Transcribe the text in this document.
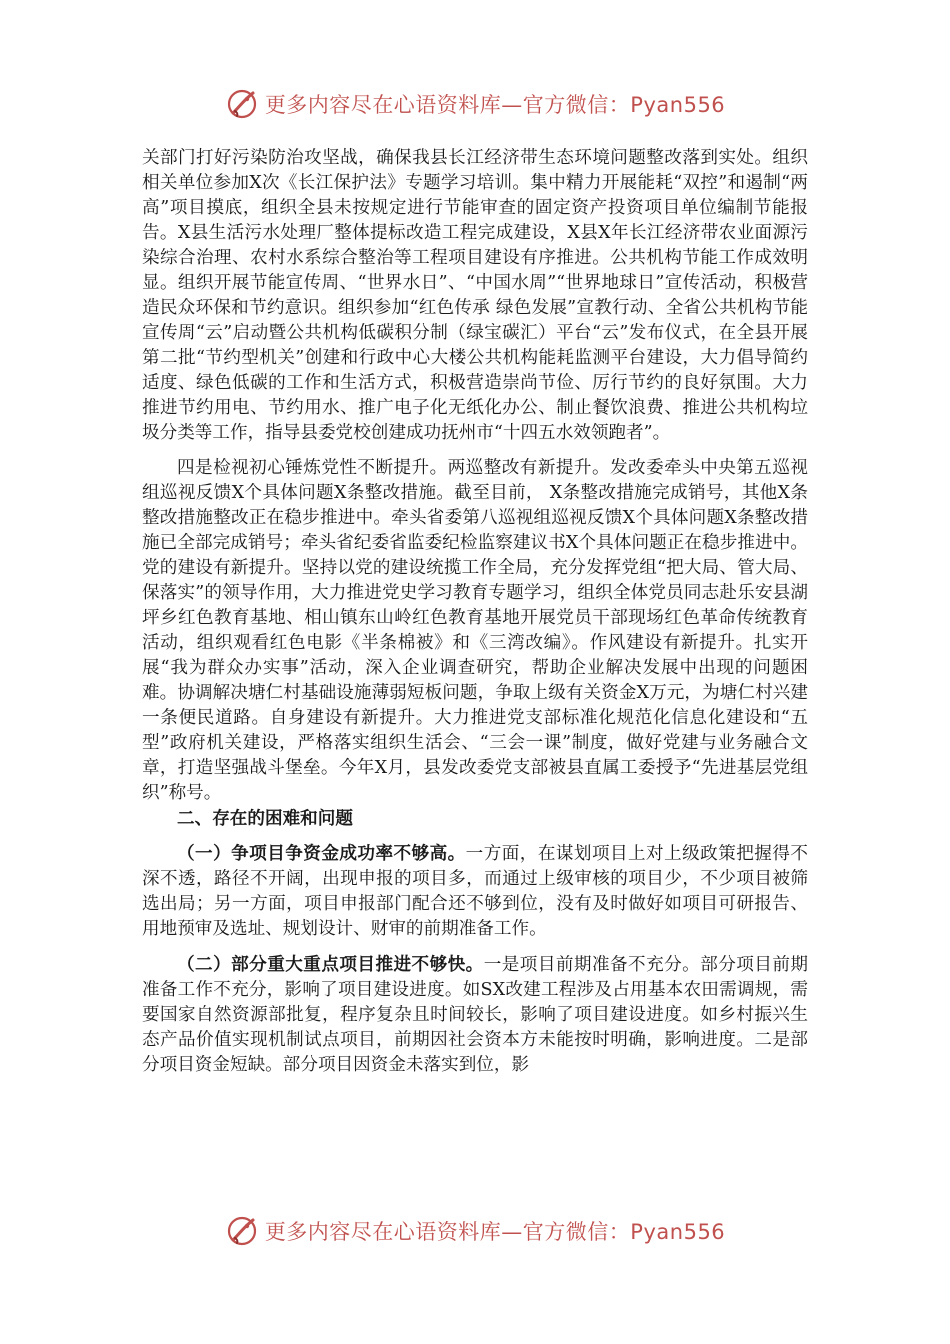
更多内容尽在心语资料库—官方微信：Pyan556

关部门打好污染防治攻坚战，确保我县长江经济带生态环境问题整改落到实处。组织相关单位参加X次《长江保护法》专题学习培训。集中精力开展能耗“双控”和遏制“两高”项目摸底，组织全县未按规定进行节能审查的固定资产投资项目单位编制节能报告。X县生活污水处理厂整体提标改造工程完成建设，X县X年长江经济带农业面源污染综合治理、农村水系综合整治等工程项目建设有序推进。公共机构节能工作成效明显。组织开展节能宣传周、“世界水日”、“中国水周”“世界地球日”宣传活动，积极营造民众环保和节约意识。组织参加“红色传承 绿色发展”宣教行动、全省公共机构节能宣传周“云”启动暨公共机构低碳积分制（绿宝碳汇）平台“云”发布仪式，在全县开展第二批“节约型机关”创建和行政中心大楼公共机构能耗监测平台建设，大力倡导简约适度、绿色低碳的工作和生活方式，积极营造崇尚节俭、厉行节约的良好氛围。大力推进节约用电、节约用水、推广电子化无纸化办公、制止餐饮浪费、推进公共机构垃圾分类等工作，指导县委党校创建成功抚州市“十四五水效领跑者”。

四是检视初心锤炼党性不断提升。两巡整改有新提升。发改委牵头中央第五巡视组巡视反馈X个具体问题X条整改措施。截至目前， X条整改措施完成销号，其他X条整改措施整改正在稳步推进中。牵头省委第八巡视组巡视反馈X个具体问题X条整改措施已全部完成销号；牵头省纪委省监委纪检监察建议书X个具体问题正在稳步推进中。党的建设有新提升。坚持以党的建设统揽工作全局，充分发挥党组“把大局、管大局、保落实”的领导作用，大力推进党史学习教育专题学习，组织全体党员同志赴乐安县湖坪乡红色教育基地、相山镇东山岭红色教育基地开展党员干部现场红色革命传统教育活动，组织观看红色电影《半条棉被》和《三湾改编》。作风建设有新提升。扎实开展“我为群众办实事”活动，深入企业调查研究，帮助企业解决发展中出现的问题困难。协调解决塘仁村基础设施薄弱短板问题，争取上级有关资金X万元，为塘仁村兴建一条便民道路。自身建设有新提升。大力推进党支部标准化规范化信息化建设和“五型”政府机关建设，严格落实组织生活会、“三会一课”制度，做好党建与业务融合文章，打造坚强战斗堡垒。今年X月，县发改委党支部被县直属工委授予“先进基层党组织”称号。

二、存在的困难和问题

（一）争项目争资金成功率不够高。一方面，在谋划项目上对上级政策把握得不深不透，路径不开阔，出现申报的项目多，而通过上级审核的项目少，不少项目被筛选出局；另一方面，项目申报部门配合还不够到位，没有及时做好如项目可研报告、用地预审及选址、规划设计、财审的前期准备工作。

（二）部分重大重点项目推进不够快。一是项目前期准备不充分。部分项目前期准备工作不充分，影响了项目建设进度。如SX改建工程涉及占用基本农田需调规，需要国家自然资源部批复，程序复杂且时间较长，影响了项目建设进度。如乡村振兴生态产品价值实现机制试点项目，前期因社会资本方未能按时明确，影响进度。二是部分项目资金短缺。部分项目因资金未落实到位，影

更多内容尽在心语资料库—官方微信：Pyan556
